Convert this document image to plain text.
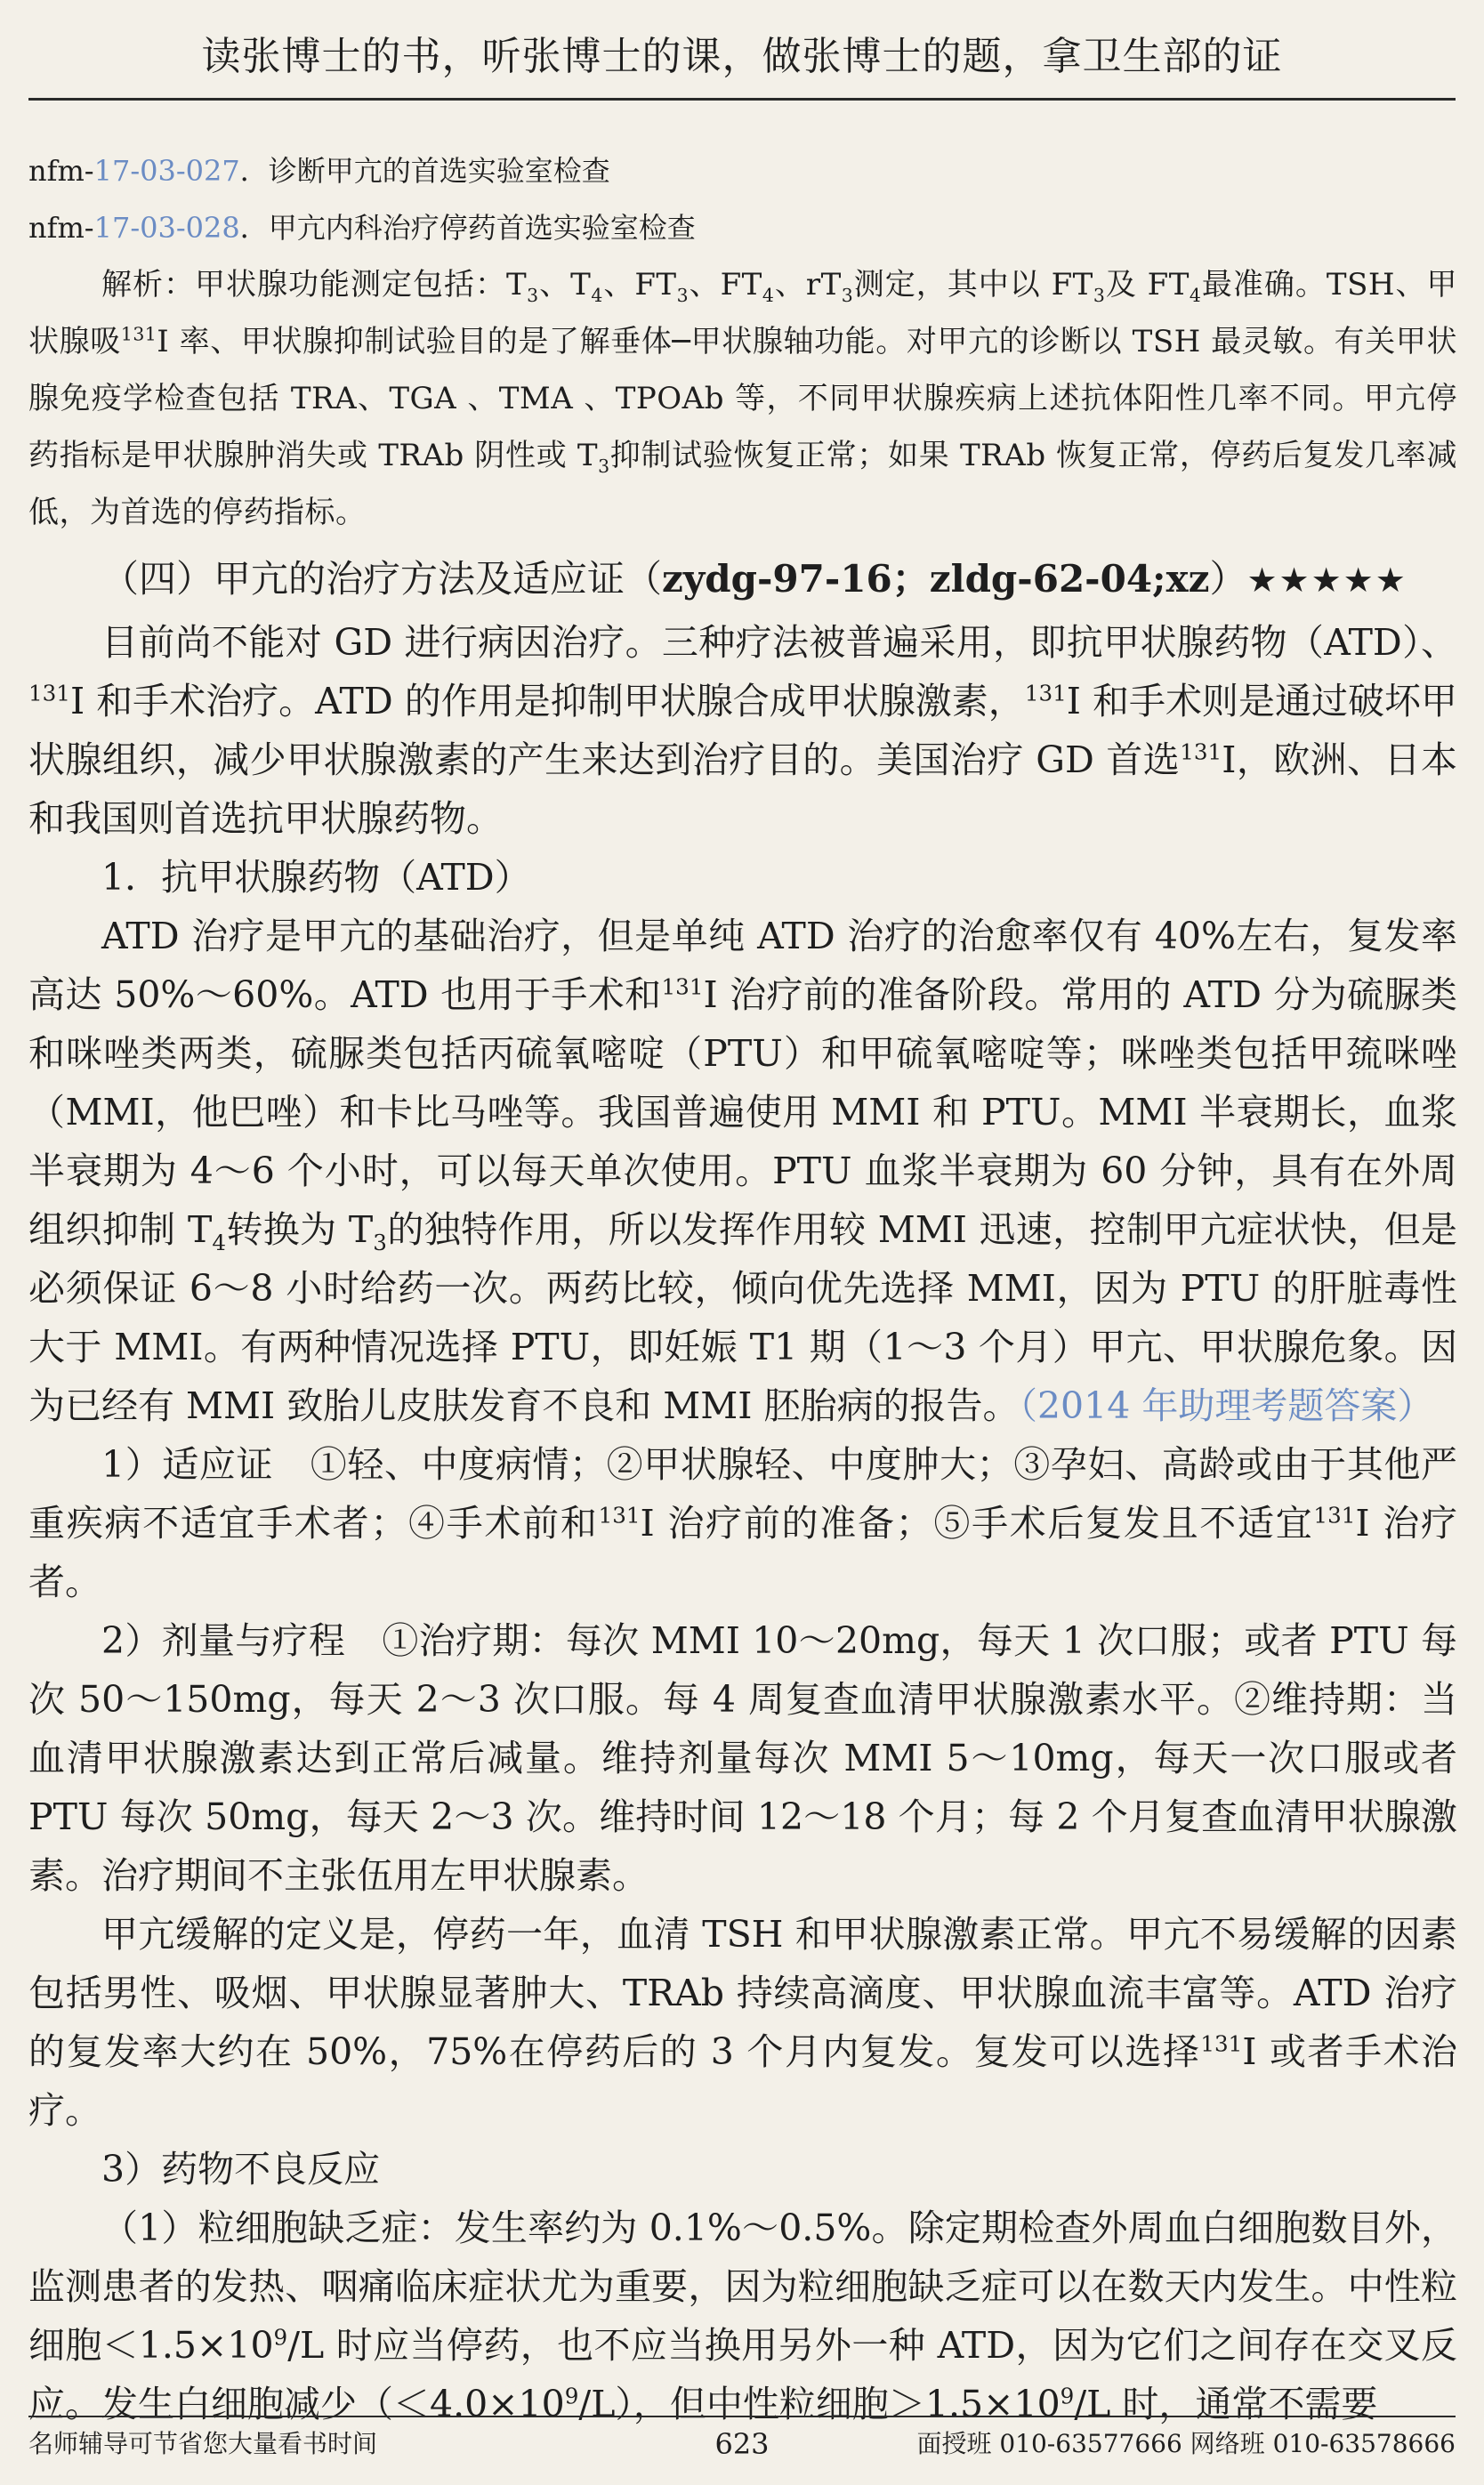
读张博士的书，听张博士的课，做张博士的题，拿卫生部的证

nfm-17-03-027．诊断甲亢的首选实验室检查

nfm-17-03-028．甲亢内科治疗停药首选实验室检查

解析：甲状腺功能测定包括：$T_3$、$T_4$、$FT_3$、$FT_4$、$rT_3$测定，其中以 $FT_3$及 $FT_4$最准确。TSH、甲状腺吸$^{131}$I 率、甲状腺抑制试验目的是了解垂体─甲状腺轴功能。对甲亢的诊断以 TSH 最灵敏。有关甲状腺免疫学检查包括 TRA、TGA 、TMA 、TPOAb 等，不同甲状腺疾病上述抗体阳性几率不同。甲亢停药指标是甲状腺肿消失或 TRAb 阴性或 $T_3$抑制试验恢复正常；如果 TRAb 恢复正常，停药后复发几率减低，为首选的停药指标。

（四）甲亢的治疗方法及适应证（zydg-97-16；zldg-62-04;xz）★★★★★

目前尚不能对 GD 进行病因治疗。三种疗法被普遍采用，即抗甲状腺药物（ATD）、$^{131}$I 和手术治疗。ATD 的作用是抑制甲状腺合成甲状腺激素，$^{131}$I 和手术则是通过破坏甲状腺组织，减少甲状腺激素的产生来达到治疗目的。美国治疗 GD 首选$^{131}$I，欧洲、日本和我国则首选抗甲状腺药物。

1．抗甲状腺药物（ATD）

ATD 治疗是甲亢的基础治疗，但是单纯 ATD 治疗的治愈率仅有 40%左右，复发率高达 50%～60%。ATD 也用于手术和$^{131}$I 治疗前的准备阶段。常用的 ATD 分为硫脲类和咪唑类两类，硫脲类包括丙硫氧嘧啶（PTU）和甲硫氧嘧啶等；咪唑类包括甲巯咪唑（MMI，他巴唑）和卡比马唑等。我国普遍使用 MMI 和 PTU。MMI 半衰期长，血浆半衰期为 4～6 个小时，可以每天单次使用。PTU 血浆半衰期为 60 分钟，具有在外周组织抑制 $T_4$转换为 $T_3$的独特作用，所以发挥作用较 MMI 迅速，控制甲亢症状快，但是必须保证 6～8 小时给药一次。两药比较，倾向优先选择 MMI，因为 PTU 的肝脏毒性大于 MMI。有两种情况选择 PTU，即妊娠 T1 期（1～3 个月）甲亢、甲状腺危象。因为已经有 MMI 致胎儿皮肤发育不良和 MMI 胚胎病的报告。（2014 年助理考题答案）

1）适应证　①轻、中度病情；②甲状腺轻、中度肿大；③孕妇、高龄或由于其他严重疾病不适宜手术者；④手术前和$^{131}$I 治疗前的准备；⑤手术后复发且不适宜$^{131}$I 治疗者。

2）剂量与疗程　①治疗期：每次 MMI 10～20mg，每天 1 次口服；或者 PTU 每次 50～150mg，每天 2～3 次口服。每 4 周复查血清甲状腺激素水平。②维持期：当血清甲状腺激素达到正常后减量。维持剂量每次 MMI 5～10mg，每天一次口服或者 PTU 每次 50mg，每天 2～3 次。维持时间 12～18 个月；每 2 个月复查血清甲状腺激素。治疗期间不主张伍用左甲状腺素。

甲亢缓解的定义是，停药一年，血清 TSH 和甲状腺激素正常。甲亢不易缓解的因素包括男性、吸烟、甲状腺显著肿大、TRAb 持续高滴度、甲状腺血流丰富等。ATD 治疗的复发率大约在 50%，75%在停药后的 3 个月内复发。复发可以选择$^{131}$I 或者手术治疗。

3）药物不良反应

（1）粒细胞缺乏症：发生率约为 0.1%～0.5%。除定期检查外周血白细胞数目外，监测患者的发热、咽痛临床症状尤为重要，因为粒细胞缺乏症可以在数天内发生。中性粒细胞$<1.5\times 10^9/L$ 时应当停药，也不应当换用另外一种 ATD，因为它们之间存在交叉反应。发生白细胞减少$(<4.0\times 10^9/L)$，但中性粒细胞$>1.5\times 10^9/L$ 时，通常不需要

名师辅导可节省您大量看书时间	623	面授班 010-63577666 网络班 010-63578666
